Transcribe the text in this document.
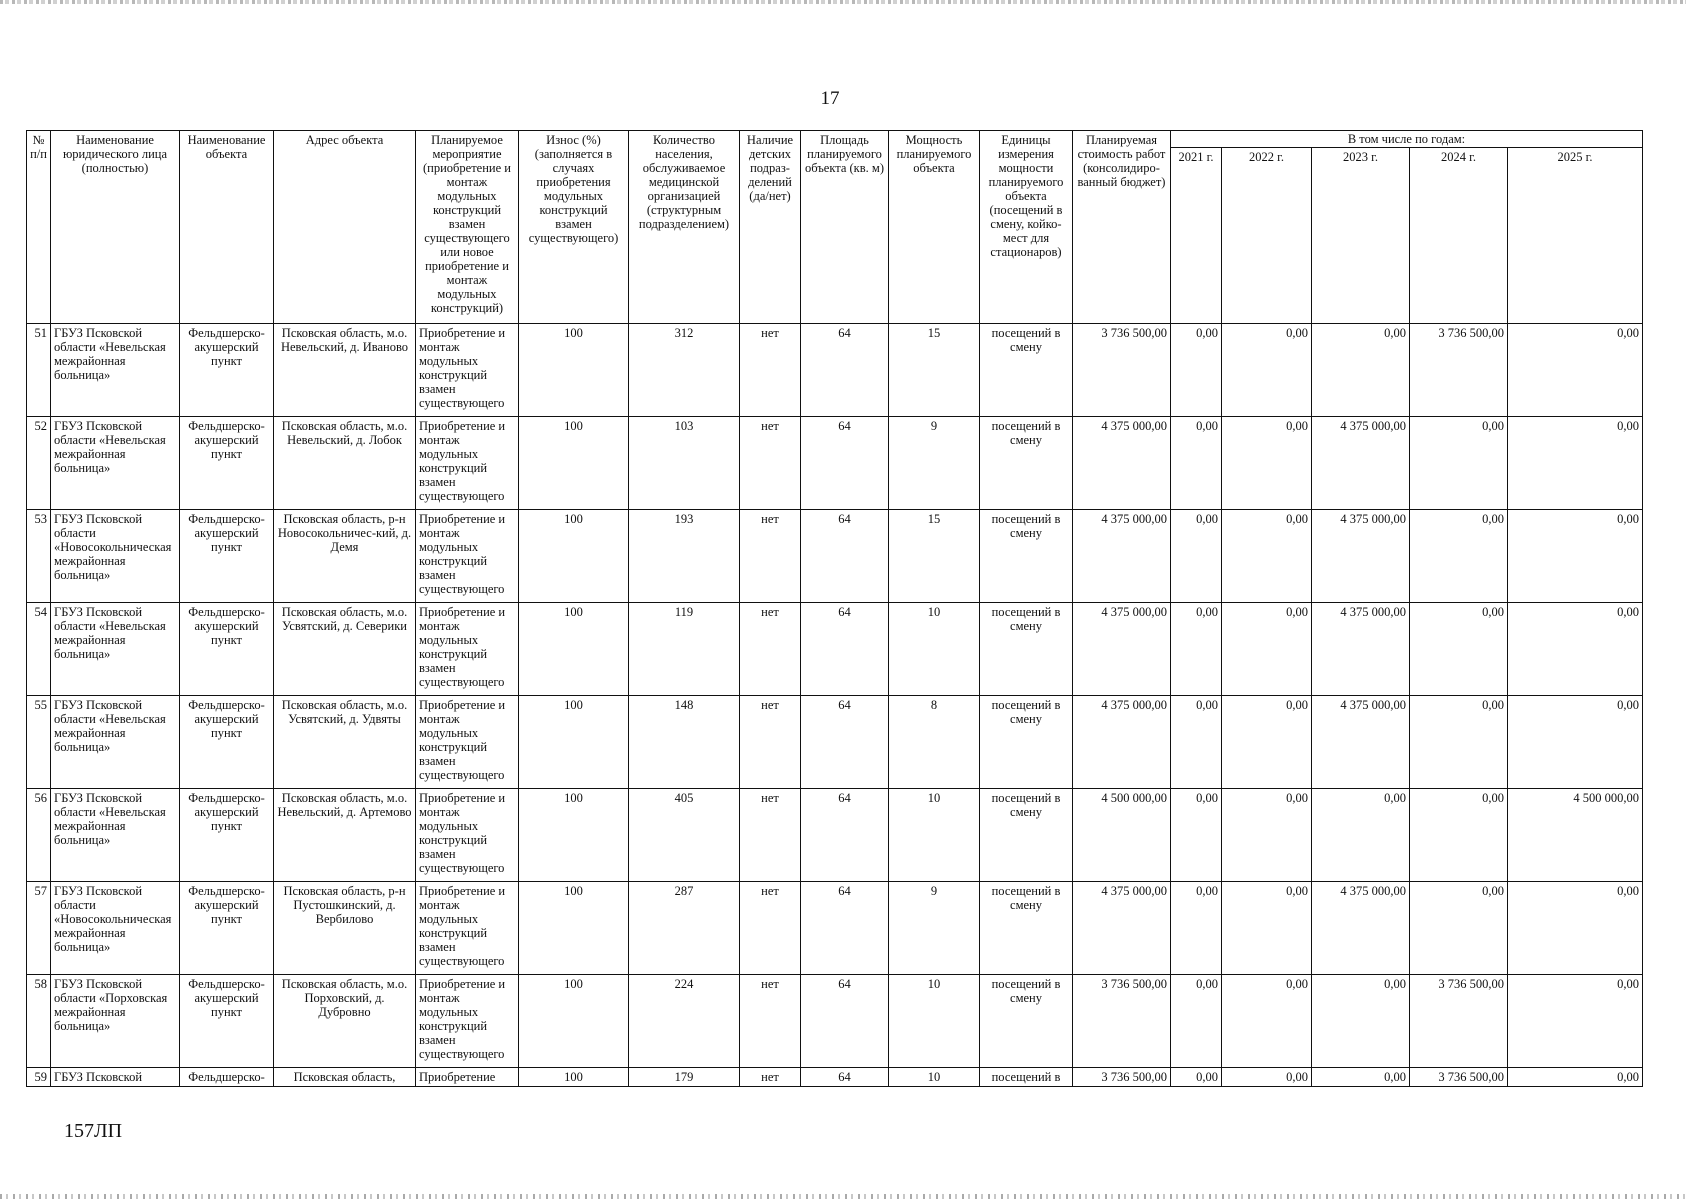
17
№ п/п	Наименование юридического лица (полностью)	Наименование объекта	Адрес объекта	Планируемое мероприятие (приобретение и монтаж модульных конструкций взамен существующего или новое приобретение и монтаж модульных конструкций)	Износ (%) (заполняется в случаях приобретения модульных конструкций взамен существующего)	Количество населения, обслуживаемое медицинской организацией (структурным подразделением)	Наличие детских подраз-делений (да/нет)	Площадь планируемого объекта (кв. м)	Мощность планируемого объекта	Единицы измерения мощности планируемого объекта (посещений в смену, койко-мест для стационаров)	Планируемая стоимость работ (консолидиро-ванный бюджет)	В том числе по годам:				
												2021 г.	2022 г.	2023 г.	2024 г.	2025 г.
51	ГБУЗ Псковской области «Невельская межрайонная больница»	Фельдшерско-акушерский пункт	Псковская область, м.о. Невельский, д. Иваново	Приобретение и монтаж модульных конструкций взамен существующего	100	312	нет	64	15	посещений в смену	3 736 500,00	0,00	0,00	0,00	3 736 500,00	0,00
52	ГБУЗ Псковской области «Невельская межрайонная больница»	Фельдшерско-акушерский пункт	Псковская область, м.о. Невельский, д. Лобок	Приобретение и монтаж модульных конструкций взамен существующего	100	103	нет	64	9	посещений в смену	4 375 000,00	0,00	0,00	4 375 000,00	0,00	0,00
53	ГБУЗ Псковской области «Новосокольническая межрайонная больница»	Фельдшерско-акушерский пункт	Псковская область, р-н Новосокольничес-кий, д. Демя	Приобретение и монтаж модульных конструкций взамен существующего	100	193	нет	64	15	посещений в смену	4 375 000,00	0,00	0,00	4 375 000,00	0,00	0,00
54	ГБУЗ Псковской области «Невельская межрайонная больница»	Фельдшерско-акушерский пункт	Псковская область, м.о. Усвятский, д. Северики	Приобретение и монтаж модульных конструкций взамен существующего	100	119	нет	64	10	посещений в смену	4 375 000,00	0,00	0,00	4 375 000,00	0,00	0,00
55	ГБУЗ Псковской области «Невельская межрайонная больница»	Фельдшерско-акушерский пункт	Псковская область, м.о. Усвятский, д. Удвяты	Приобретение и монтаж модульных конструкций взамен существующего	100	148	нет	64	8	посещений в смену	4 375 000,00	0,00	0,00	4 375 000,00	0,00	0,00
56	ГБУЗ Псковской области «Невельская межрайонная больница»	Фельдшерско-акушерский пункт	Псковская область, м.о. Невельский, д. Артемово	Приобретение и монтаж модульных конструкций взамен существующего	100	405	нет	64	10	посещений в смену	4 500 000,00	0,00	0,00	0,00	0,00	4 500 000,00
57	ГБУЗ Псковской области «Новосокольническая межрайонная больница»	Фельдшерско-акушерский пункт	Псковская область, р-н Пустошкинский, д. Вербилово	Приобретение и монтаж модульных конструкций взамен существующего	100	287	нет	64	9	посещений в смену	4 375 000,00	0,00	0,00	4 375 000,00	0,00	0,00
58	ГБУЗ Псковской области «Порховская межрайонная больница»	Фельдшерско-акушерский пункт	Псковская область, м.о. Порховский, д. Дубровно	Приобретение и монтаж модульных конструкций взамен существующего	100	224	нет	64	10	посещений в смену	3 736 500,00	0,00	0,00	0,00	3 736 500,00	0,00
59	ГБУЗ Псковской	Фельдшерско-	Псковская область,	Приобретение	100	179	нет	64	10	посещений в	3 736 500,00	0,00	0,00	0,00	3 736 500,00	0,00
157ЛП
